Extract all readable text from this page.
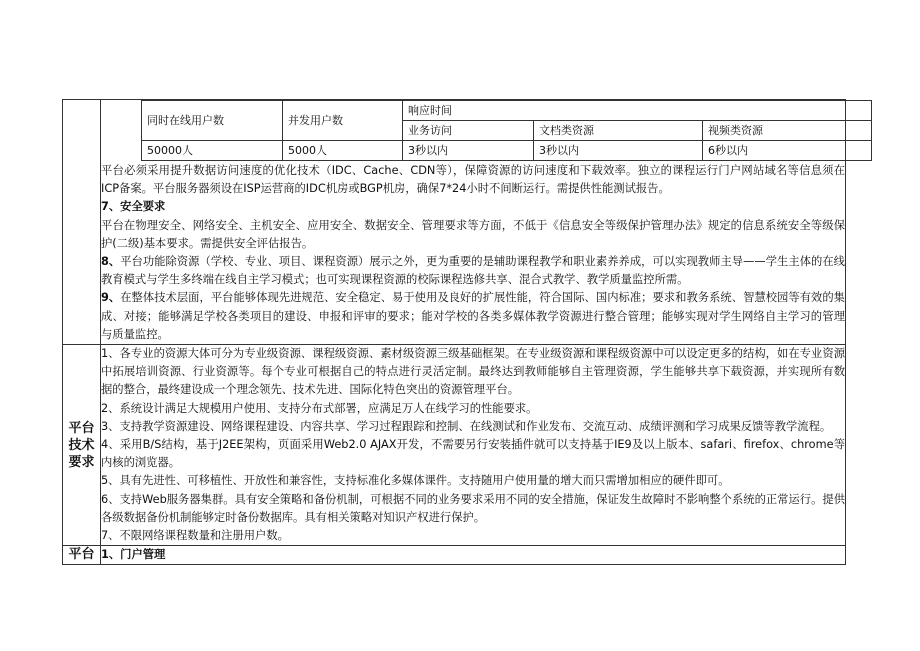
同时在线用户数	并发用户数	响应时间
业务访问	文档类资源	视频类资源
50000人	5000人	3秒以内	3秒以内	6秒以内

平台必须采用提升数据访问速度的优化技术（IDC、Cache、CDN等），保障资源的访问速度和下载效率。独立的课程运行门户网站域名等信息须在ICP备案。平台服务器须设在ISP运营商的IDC机房或BGP机房，确保7*24小时不间断运行。需提供性能测试报告。

7、安全要求

平台在物理安全、网络安全、主机安全、应用安全、数据安全、管理要求等方面，不低于《信息安全等级保护管理办法》规定的信息系统安全等级保护(二级)基本要求。需提供安全评估报告。

8、平台功能除资源（学校、专业、项目、课程资源）展示之外，更为重要的是辅助课程教学和职业素养养成，可以实现教师主导——学生主体的在线教育模式与学生多终端在线自主学习模式；也可实现课程资源的校际课程选修共享、混合式教学、教学质量监控所需。

9、在整体技术层面，平台能够体现先进规范、安全稳定、易于使用及良好的扩展性能，符合国际、国内标准；要求和教务系统、智慧校园等有效的集成、对接；能够满足学校各类项目的建设、申报和评审的要求；能对学校的各类多媒体教学资源进行整合管理；能够实现对学生网络自主学习的管理与质量监控。

平台技术要求

1、各专业的资源大体可分为专业级资源、课程级资源、素材级资源三级基础框架。在专业级资源和课程级资源中可以设定更多的结构，如在专业资源中拓展培训资源、行业资源等。每个专业可根据自己的特点进行灵活定制。最终达到教师能够自主管理资源，学生能够共享下载资源，并实现所有数据的整合，最终建设成一个理念领先、技术先进、国际化特色突出的资源管理平台。

2、系统设计满足大规模用户使用、支持分布式部署，应满足万人在线学习的性能要求。

3、支持教学资源建设、网络课程建设、内容共享、学习过程跟踪和控制、在线测试和作业发布、交流互动、成绩评测和学习成果反馈等教学流程。

4、采用B/S结构，基于J2EE架构，页面采用Web2.0 AJAX开发，不需要另行安装插件就可以支持基于IE9及以上版本、safari、firefox、chrome等内核的浏览器。

5、具有先进性、可移植性、开放性和兼容性，支持标准化多媒体课件。支持随用户使用量的增大而只需增加相应的硬件即可。

6、支持Web服务器集群。具有安全策略和备份机制，可根据不同的业务要求采用不同的安全措施，保证发生故障时不影响整个系统的正常运行。提供各级数据备份机制能够定时备份数据库。具有相关策略对知识产权进行保护。

7、不限网络课程数量和注册用户数。

平台	1、门户管理
